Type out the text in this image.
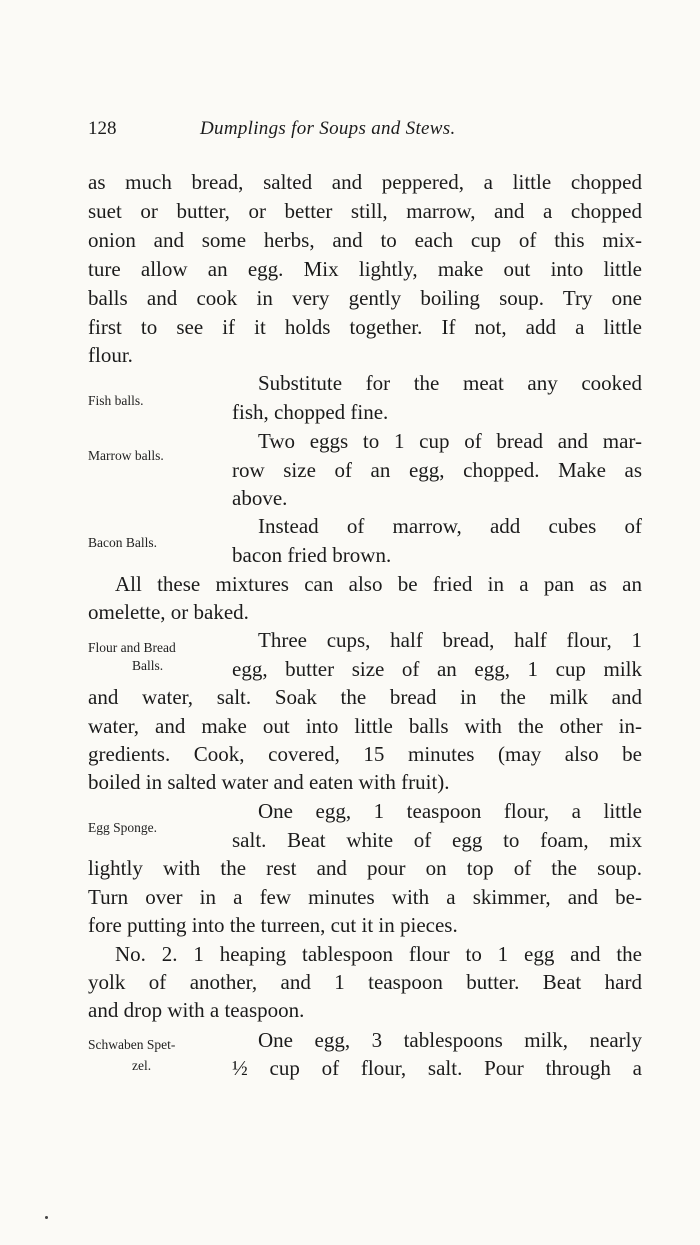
128	Dumplings for Soups and Stews.
as much bread, salted and peppered, a little chopped
suet or butter, or better still, marrow, and a chopped
onion and some herbs, and to each cup of this mix-
ture allow an egg. Mix lightly, make out into little
balls and cook in very gently boiling soup. Try one
first to see if it holds together. If not, add a little
flour.
Fish balls.
Substitute for the meat any cooked
fish, chopped fine.
Marrow balls.
Two eggs to 1 cup of bread and mar-
row size of an egg, chopped. Make as
above.
Bacon Balls.
Instead of marrow, add cubes of
bacon fried brown.
All these mixtures can also be fried in a pan as an
omelette, or baked.
Flour and Bread
Balls.
Three cups, half bread, half flour, 1
egg, butter size of an egg, 1 cup milk
and water, salt. Soak the bread in the milk and
water, and make out into little balls with the other in-
gredients. Cook, covered, 15 minutes (may also be
boiled in salted water and eaten with fruit).
Egg Sponge.
One egg, 1 teaspoon flour, a little
salt. Beat white of egg to foam, mix
lightly with the rest and pour on top of the soup.
Turn over in a few minutes with a skimmer, and be-
fore putting into the turreen, cut it in pieces.
No. 2. 1 heaping tablespoon flour to 1 egg and the
yolk of another, and 1 teaspoon butter. Beat hard
and drop with a teaspoon.
Schwaben Spet-
zel.
One egg, 3 tablespoons milk, nearly
½ cup of flour, salt. Pour through a
